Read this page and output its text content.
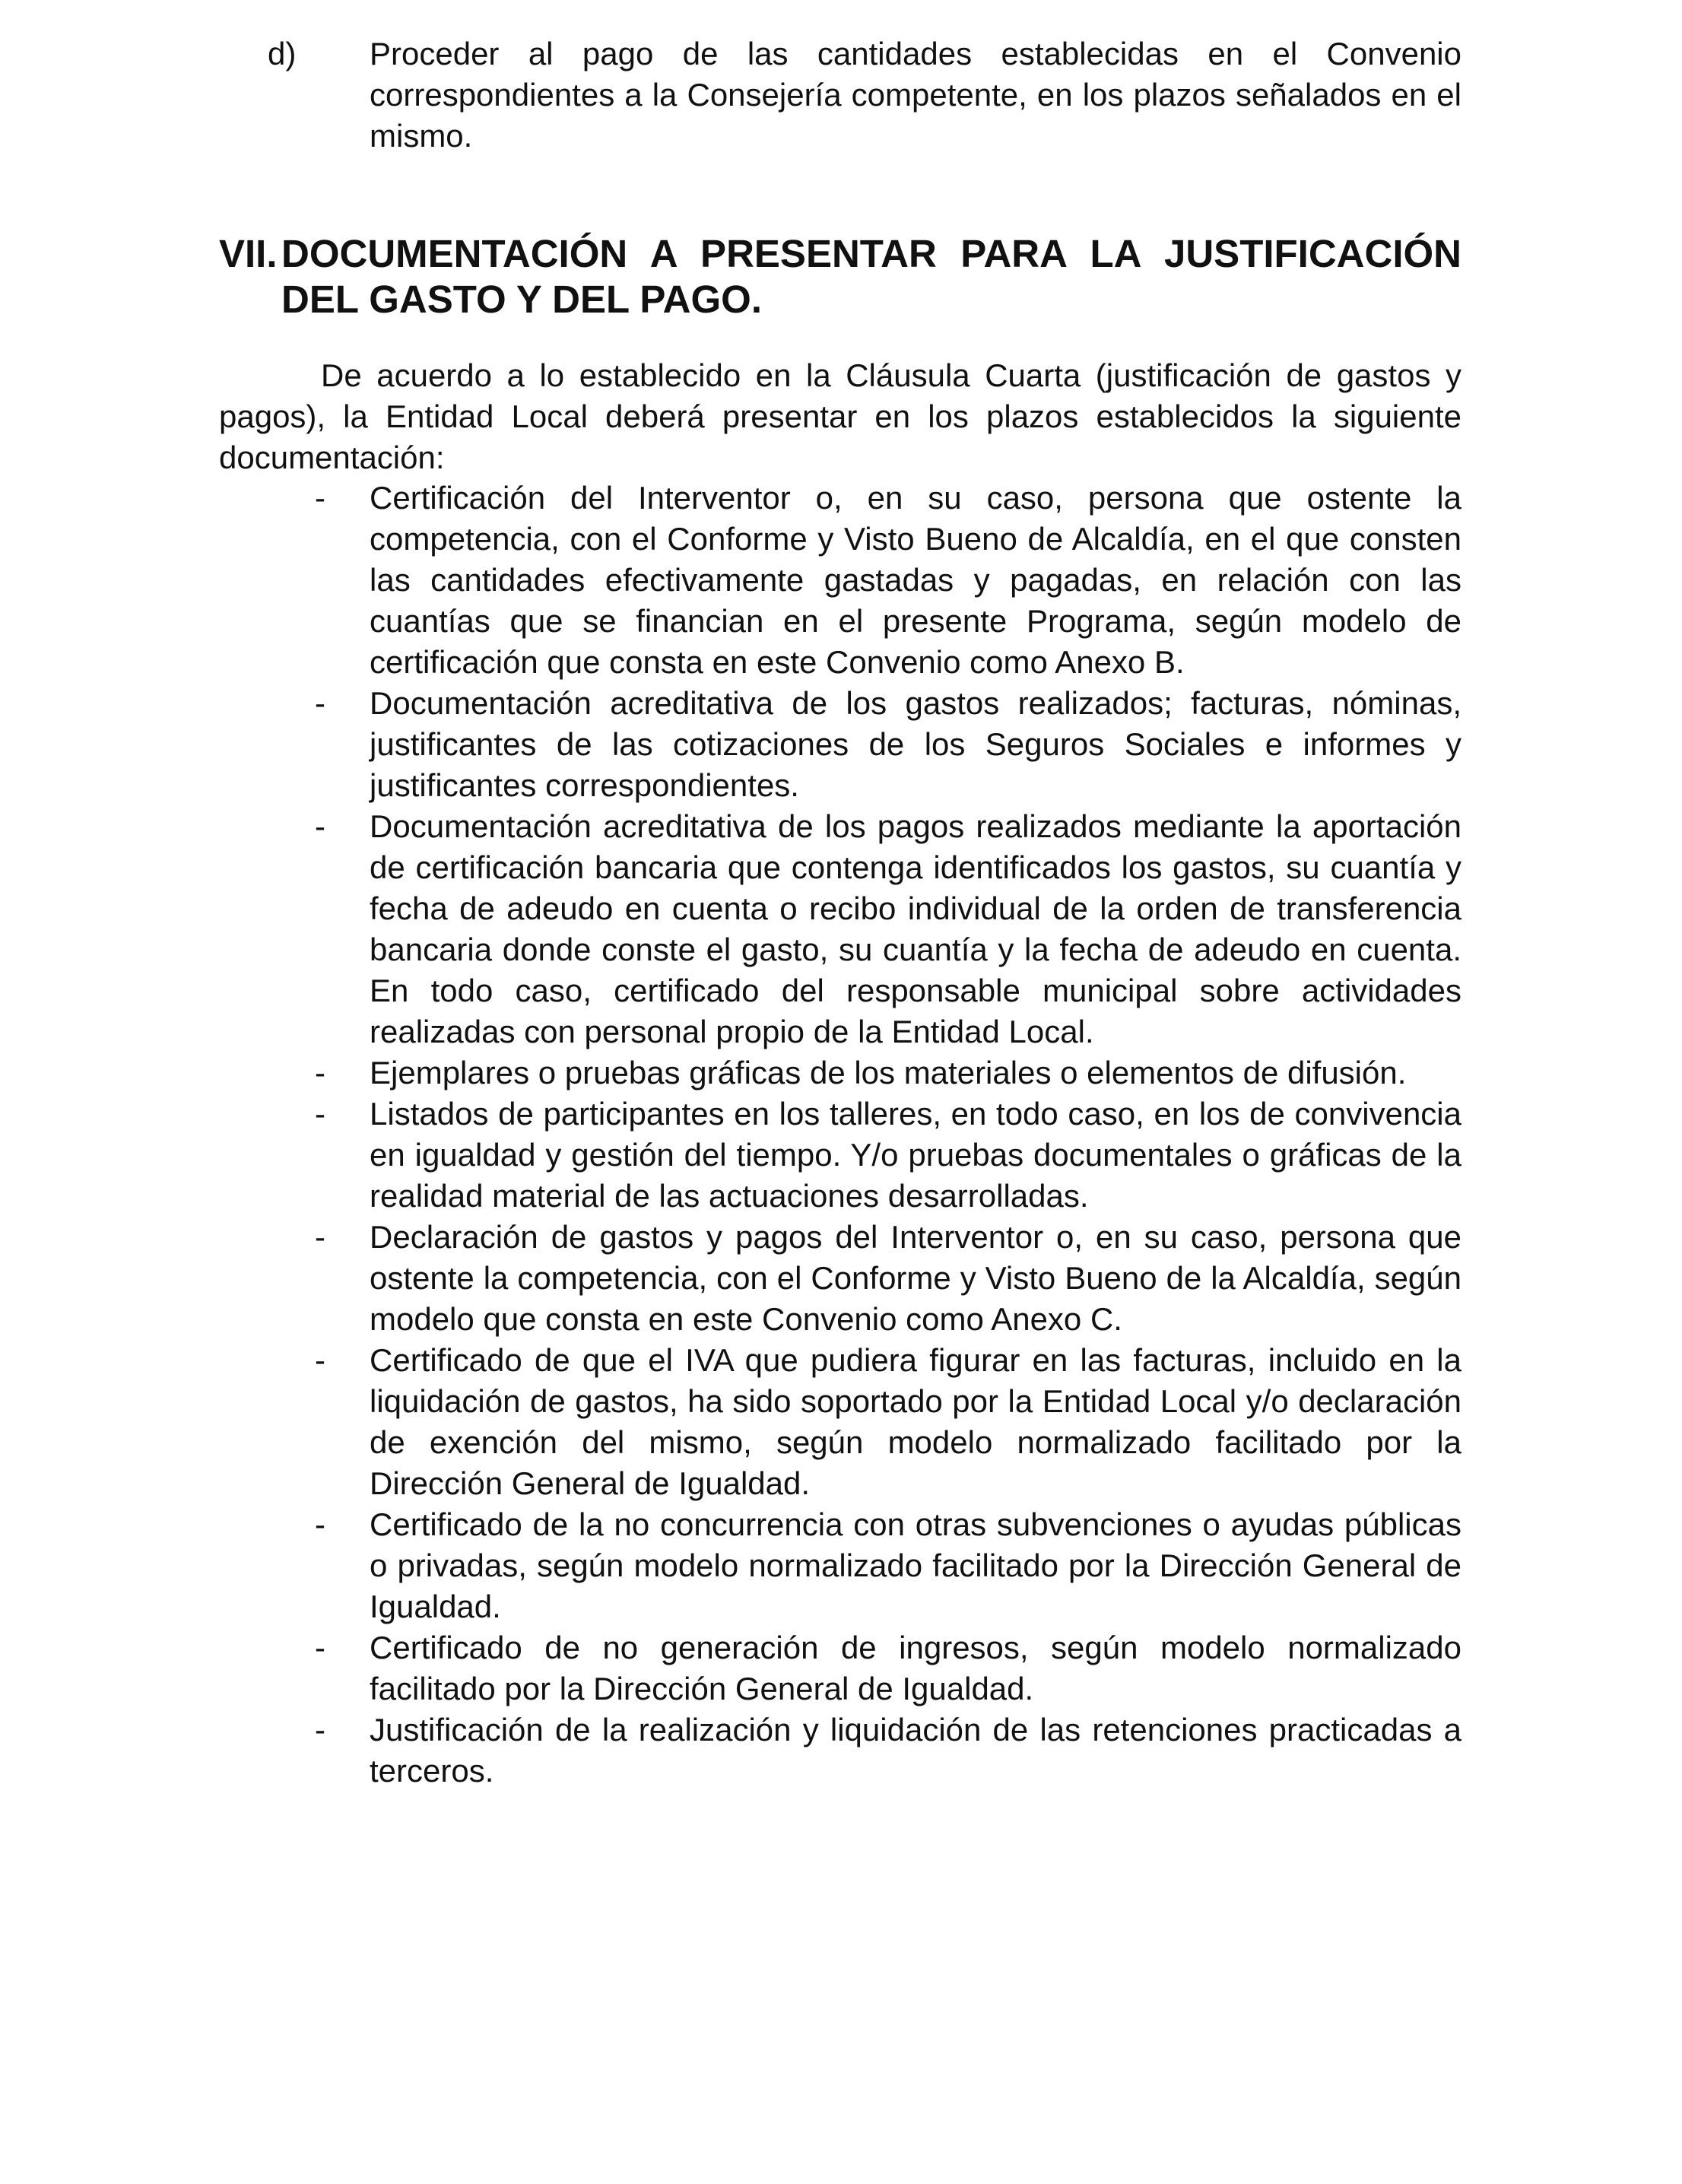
d)	Proceder al pago de las cantidades establecidas en el Convenio correspondientes a la Consejería competente, en los plazos señalados en el mismo.
VII. DOCUMENTACIÓN A PRESENTAR PARA LA JUSTIFICACIÓN DEL GASTO Y DEL PAGO.

De acuerdo a lo establecido en la Cláusula Cuarta (justificación de gastos y pagos), la Entidad Local deberá presentar en los plazos establecidos la siguiente documentación:

- Certificación del Interventor o, en su caso, persona que ostente la competencia, con el Conforme y Visto Bueno de Alcaldía, en el que consten las cantidades efectivamente gastadas y pagadas, en relación con las cuantías que se financian en el presente Programa, según modelo de certificación que consta en este Convenio como Anexo B.
- Documentación acreditativa de los gastos realizados; facturas, nóminas, justificantes de las cotizaciones de los Seguros Sociales e informes y justificantes correspondientes.
- Documentación acreditativa de los pagos realizados mediante la aportación de certificación bancaria que contenga identificados los gastos, su cuantía y fecha de adeudo en cuenta o recibo individual de la orden de transferencia bancaria donde conste el gasto, su cuantía y la fecha de adeudo en cuenta. En todo caso, certificado del responsable municipal sobre actividades realizadas con personal propio de la Entidad Local.
- Ejemplares o pruebas gráficas de los materiales o elementos de difusión.
- Listados de participantes en los talleres, en todo caso, en los de convivencia en igualdad y gestión del tiempo. Y/o pruebas documentales o gráficas de la realidad material de las actuaciones desarrolladas.
- Declaración de gastos y pagos del Interventor o, en su caso, persona que ostente la competencia, con el Conforme y Visto Bueno de la Alcaldía, según modelo que consta en este Convenio como Anexo C.
- Certificado de que el IVA que pudiera figurar en las facturas, incluido en la liquidación de gastos, ha sido soportado por la Entidad Local y/o declaración de exención del mismo, según modelo normalizado facilitado por la Dirección General de Igualdad.
- Certificado de la no concurrencia con otras subvenciones o ayudas públicas o privadas, según modelo normalizado facilitado por la Dirección General de Igualdad.
- Certificado de no generación de ingresos, según modelo normalizado facilitado por la Dirección General de Igualdad.
- Justificación de la realización y liquidación de las retenciones practicadas a terceros.
